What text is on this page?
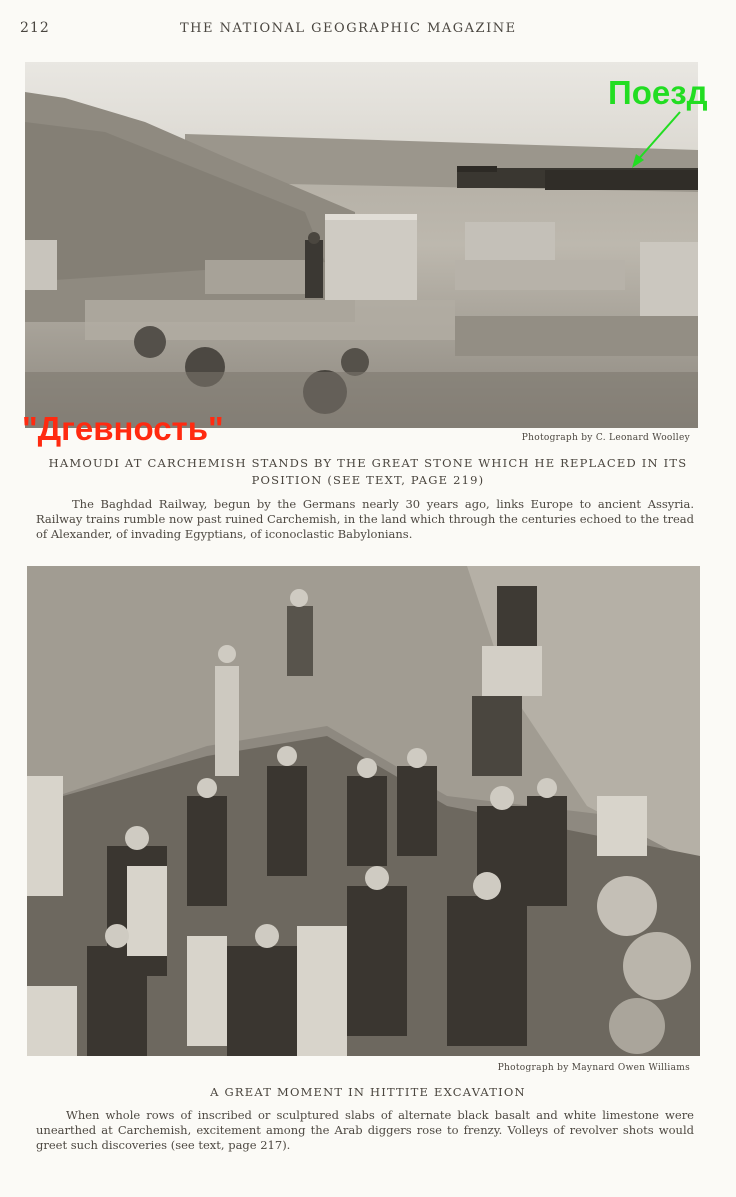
212	THE NATIONAL GEOGRAPHIC MAGAZINE
Поезд
"Дгевность"	Photograph by C. Leonard Woolley
HAMOUDI AT CARCHEMISH STANDS BY THE GREAT STONE WHICH HE REPLACED IN ITS POSITION (SEE TEXT, PAGE 219)
The Baghdad Railway, begun by the Germans nearly 30 years ago, links Europe to ancient Assyria. Railway trains rumble now past ruined Carchemish, in the land which through the centuries echoed to the tread of Alexander, of invading Egyptians, of iconoclastic Babylonians.
Photograph by Maynard Owen Williams
A GREAT MOMENT IN HITTITE EXCAVATION
When whole rows of inscribed or sculptured slabs of alternate black basalt and white limestone were unearthed at Carchemish, excitement among the Arab diggers rose to frenzy. Volleys of revolver shots would greet such discoveries (see text, page 217).
